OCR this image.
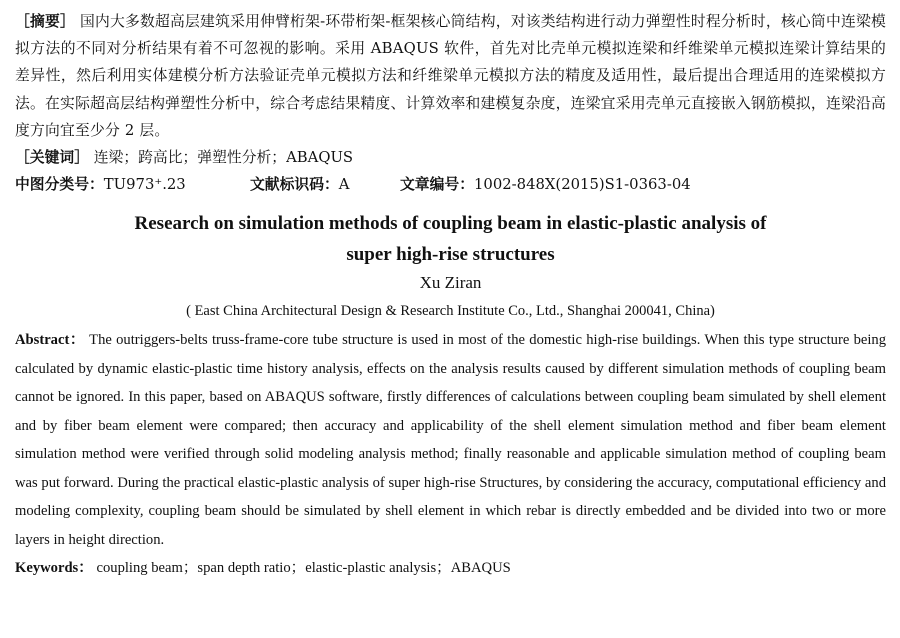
［摘要］ 国内大多数超高层建筑采用伸臂桁架-环带桁架-框架核心筒结构，对该类结构进行动力弹塑性时程分析时，核心筒中连梁模拟方法的不同对分析结果有着不可忽视的影响。采用 ABAQUS 软件，首先对比壳单元模拟连梁和纤维梁单元模拟连梁计算结果的差异性，然后利用实体建模分析方法验证壳单元模拟方法和纤维梁单元模拟方法的精度及适用性，最后提出合理适用的连梁模拟方法。在实际超高层结构弹塑性分析中，综合考虑结果精度、计算效率和建模复杂度，连梁宜采用壳单元直接嵌入钢筋模拟，连梁沿高度方向宜至少分 2 层。
［关键词］ 连梁；跨高比；弹塑性分析；ABAQUS
中图分类号：TU973⁺.23	文献标识码：A	文章编号：1002-848X(2015)S1-0363-04
Research on simulation methods of coupling beam in elastic-plastic analysis of
super high-rise structures
Xu Ziran
( East China Architectural Design & Research Institute Co., Ltd., Shanghai 200041, China)
Abstract： The outriggers-belts truss-frame-core tube structure is used in most of the domestic high-rise buildings. When this type structure being calculated by dynamic elastic-plastic time history analysis, effects on the analysis results caused by different simulation methods of coupling beam cannot be ignored. In this paper, based on ABAQUS software, firstly differences of calculations between coupling beam simulated by shell element and by fiber beam element were compared; then accuracy and applicability of the shell element simulation method and fiber beam element simulation method were verified through solid modeling analysis method; finally reasonable and applicable simulation method of coupling beam was put forward. During the practical elastic-plastic analysis of super high-rise Structures, by considering the accuracy, computational efficiency and modeling complexity, coupling beam should be simulated by shell element in which rebar is directly embedded and be divided into two or more layers in height direction.
Keywords： coupling beam；span depth ratio；elastic-plastic analysis；ABAQUS
